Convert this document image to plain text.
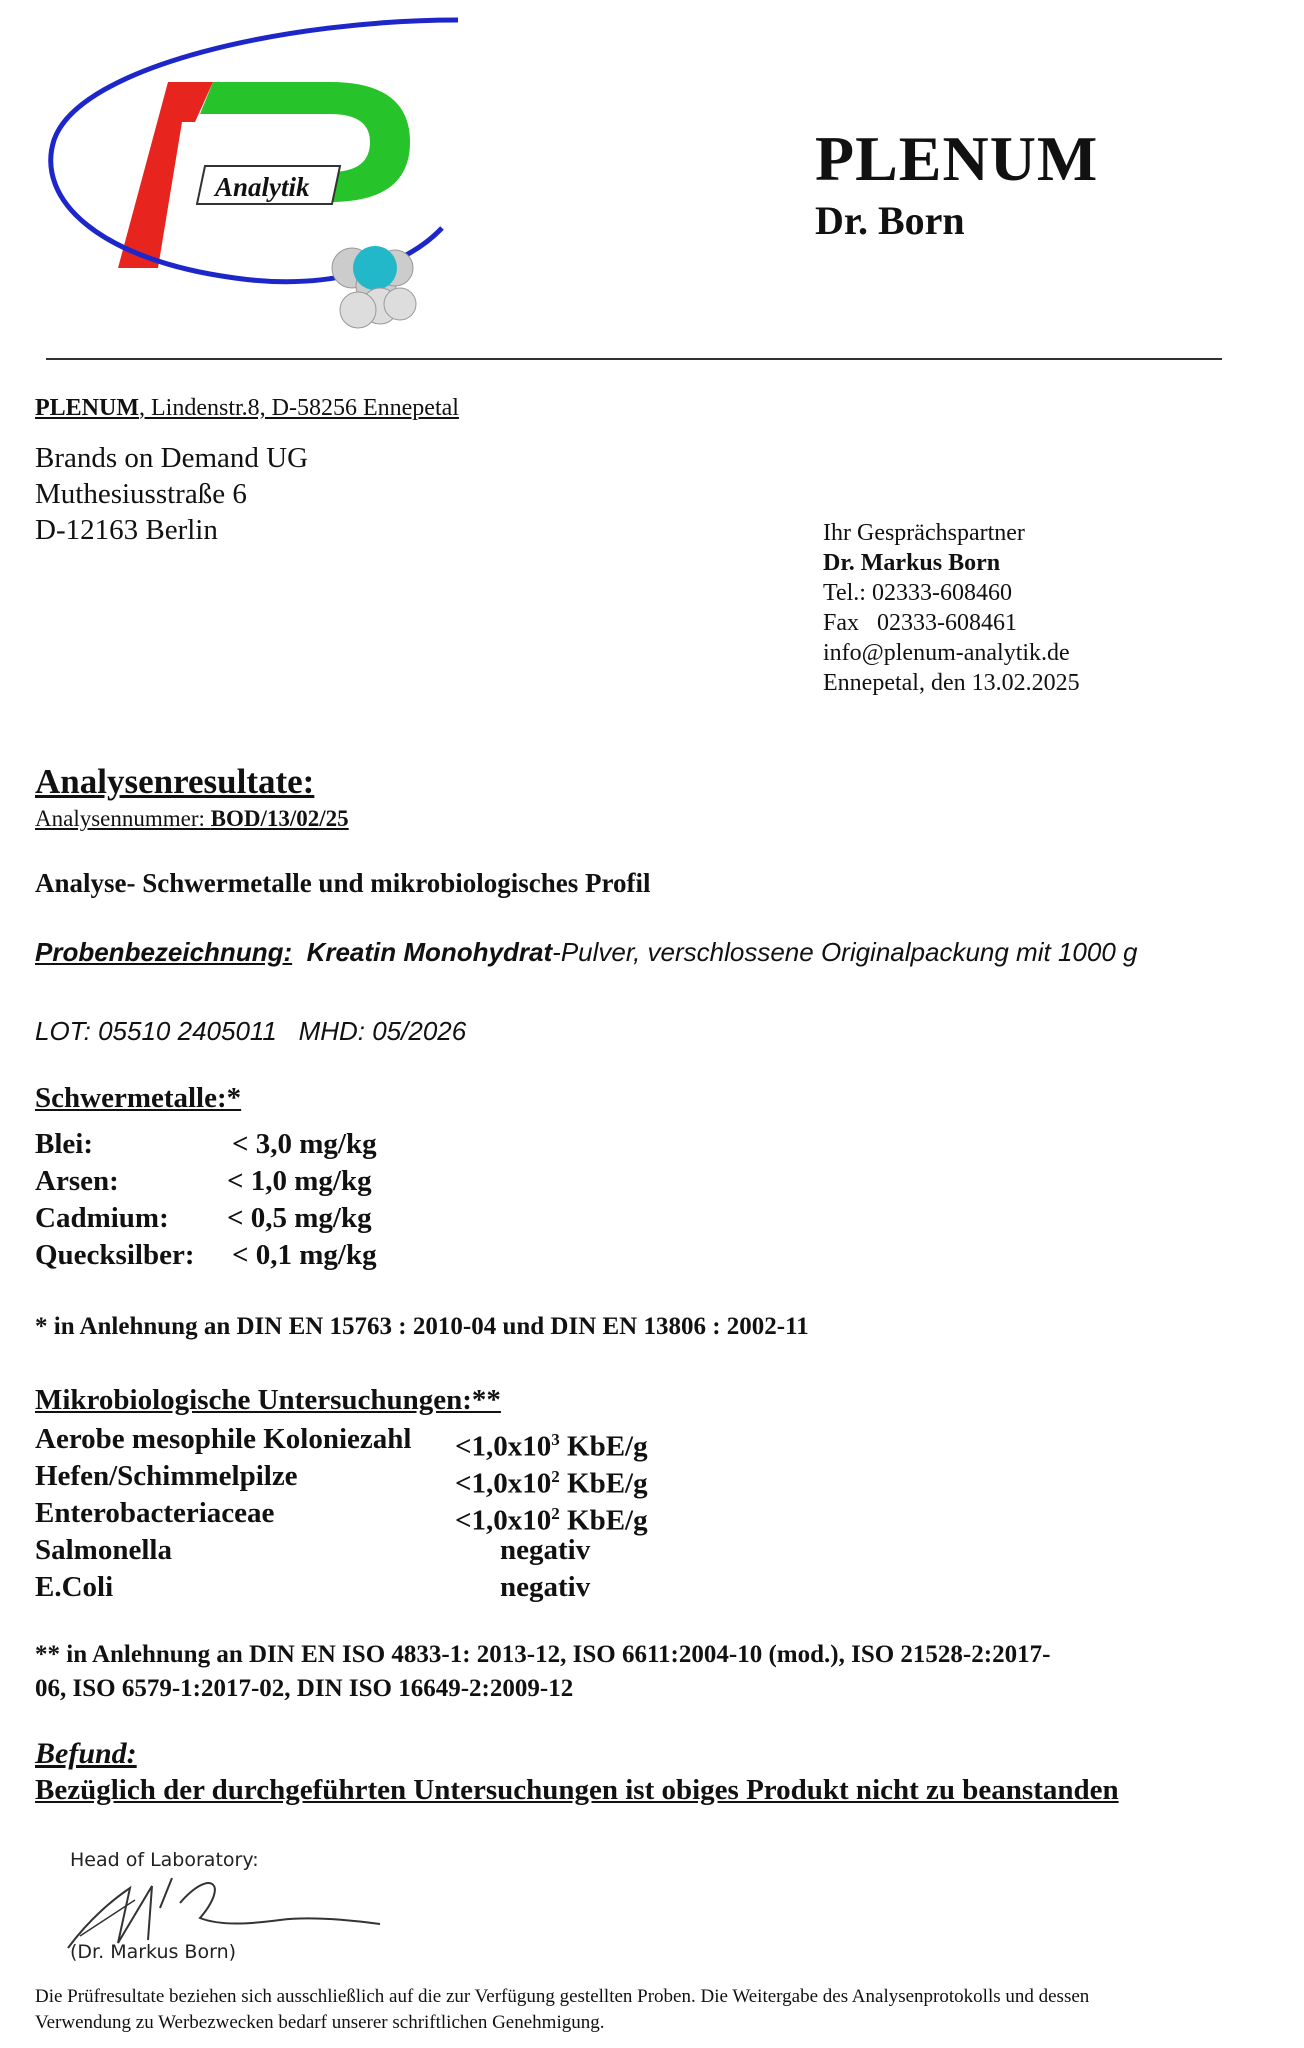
Analytik	PLENUM
Dr. Born
PLENUM, Lindenstr.8, D-58256 Ennepetal
Brands on Demand UG
Muthesiusstraße 6
D-12163 Berlin	Ihr Gesprächspartner
Dr. Markus Born
Tel.: 02333-608460
Fax   02333-608461
info@plenum-analytik.de
Ennepetal, den 13.02.2025
Analysenresultate:
Analysennummer: BOD/13/02/25
Analyse- Schwermetalle und mikrobiologisches Profil
Probenbezeichnung: Kreatin Monohydrat-Pulver, verschlossene Originalpackung mit 1000 g
LOT: 05510 2405011   MHD: 05/2026
Schwermetalle:*
Blei:	< 3,0 mg/kg
Arsen:	< 1,0 mg/kg
Cadmium: < 0,5 mg/kg
Quecksilber: < 0,1 mg/kg
* in Anlehnung an DIN EN 15763 : 2010-04 und DIN EN 13806 : 2002-11
Mikrobiologische Untersuchungen:**
Aerobe mesophile Koloniezahl $<1,0x10^3$ KbE/g
Hefen/Schimmelpilze	$<1,0x10^2$ KbE/g
Enterobacteriaceae	$<1,0x10^2$ KbE/g
Salmonella	negativ
E.Coli	negativ
** in Anlehnung an DIN EN ISO 4833-1: 2013-12, ISO 6611:2004-10 (mod.), ISO 21528-2:2017-
06, ISO 6579-1:2017-02, DIN ISO 16649-2:2009-12
Befund:
Bezüglich der durchgeführten Untersuchungen ist obiges Produkt nicht zu beanstanden
Head of Laboratory:
(Dr. Markus Born)
Die Prüfresultate beziehen sich ausschließlich auf die zur Verfügung gestellten Proben. Die Weitergabe des Analysenprotokolls und dessen
Verwendung zu Werbezwecken bedarf unserer schriftlichen Genehmigung.
